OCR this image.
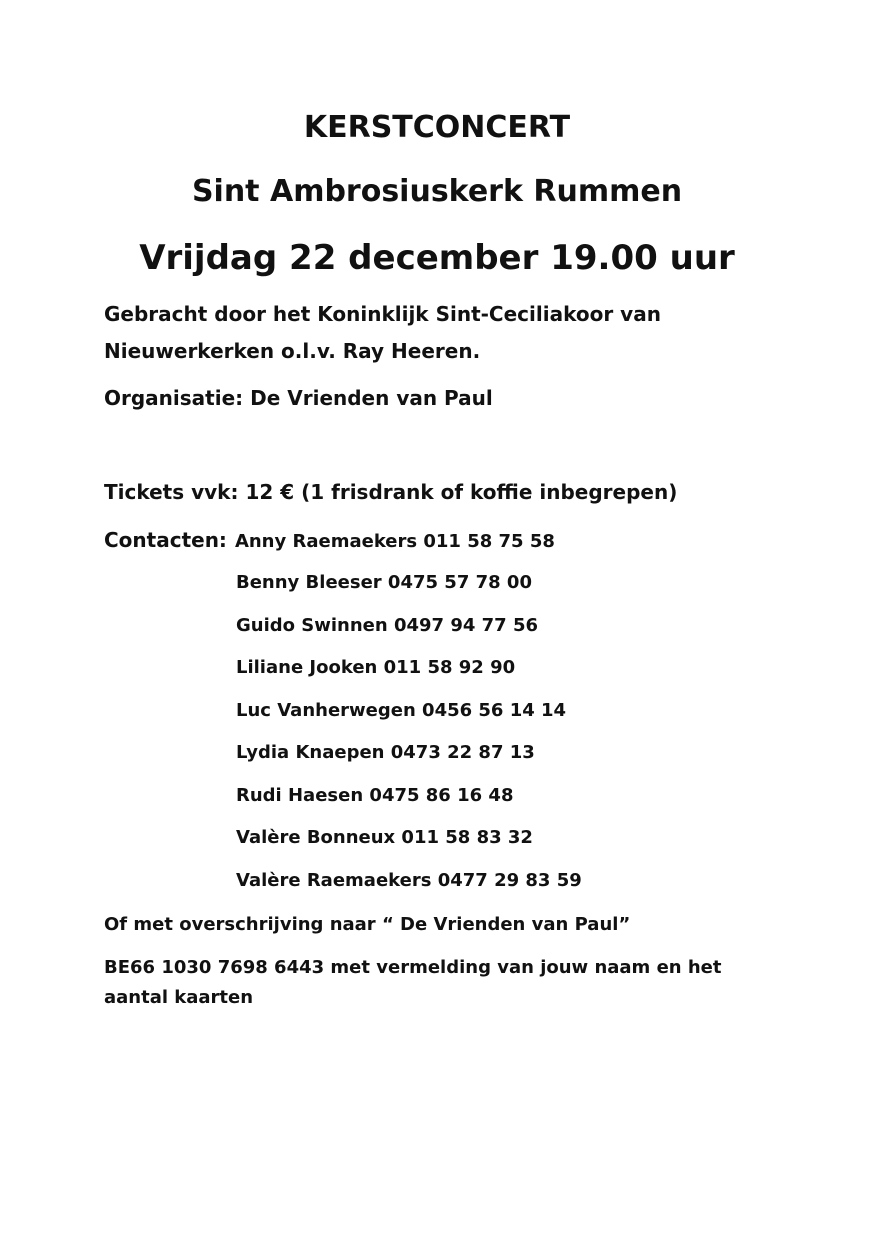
KERSTCONCERT
Sint Ambrosiuskerk Rummen
Vrijdag 22 december 19.00 uur
Gebracht door het Koninklijk Sint-Ceciliakoor van
Nieuwerkerken o.l.v. Ray Heeren.
Organisatie: De Vrienden van Paul
Tickets vvk: 12 € (1 frisdrank of koffie inbegrepen)
Contacten: Anny Raemaekers 011 58 75 58
Benny Bleeser 0475 57 78 00
Guido Swinnen 0497 94 77 56
Liliane Jooken 011 58 92 90
Luc Vanherwegen 0456 56 14 14
Lydia Knaepen 0473 22 87 13
Rudi Haesen 0475 86 16 48
Valère Bonneux 011 58 83 32
Valère Raemaekers 0477 29 83 59
Of met overschrijving naar “ De Vrienden van Paul”
BE66 1030 7698 6443 met vermelding van jouw naam en het
aantal kaarten
